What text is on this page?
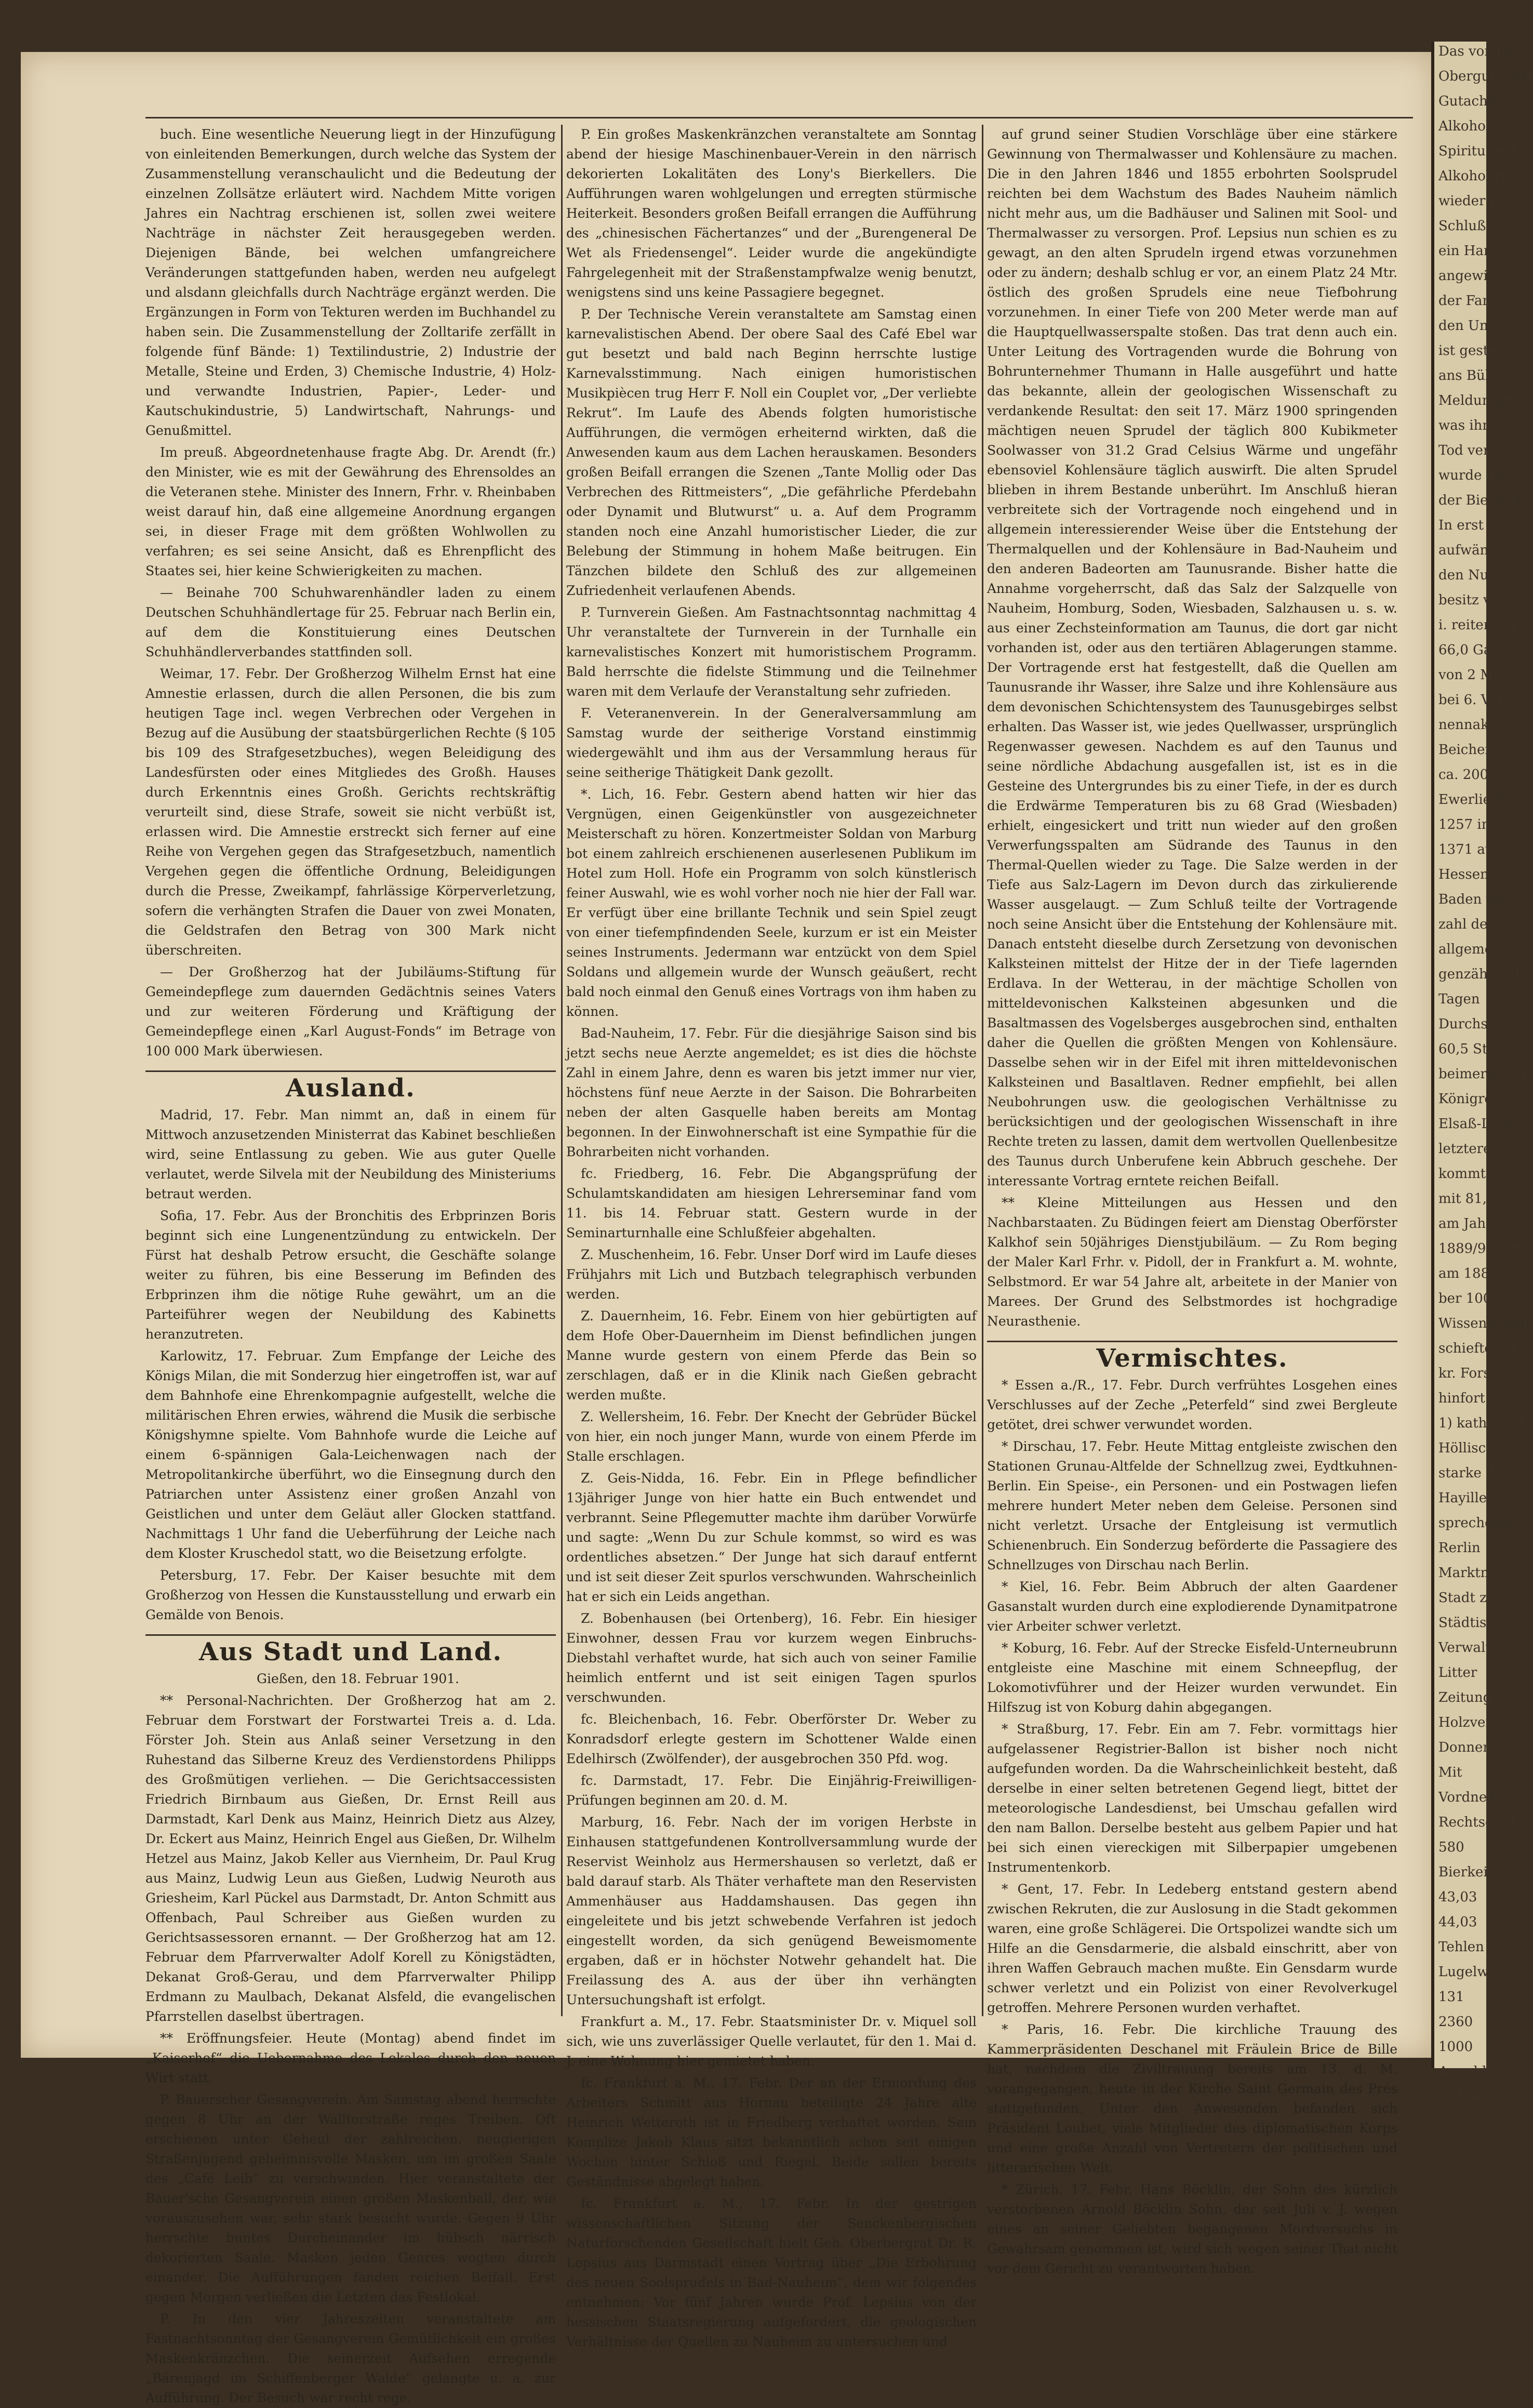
buch. Eine wesentliche Neuerung liegt in der Hinzufügung von einleitenden Bemerkungen, durch welche das System der Zusammenstellung veranschaulicht und die Bedeutung der einzelnen Zollsätze erläutert wird. Nachdem Mitte vorigen Jahres ein Nachtrag erschienen ist, sollen zwei weitere Nachträge in nächster Zeit herausgegeben werden. Diejenigen Bände, bei welchen umfangreichere Veränderungen stattgefunden haben, werden neu aufgelegt und alsdann gleichfalls durch Nachträge ergänzt werden. Die Ergänzungen in Form von Tekturen werden im Buchhandel zu haben sein. Die Zusammenstellung der Zolltarife zerfällt in folgende fünf Bände: 1) Textilindustrie, 2) Industrie der Metalle, Steine und Erden, 3) Chemische Industrie, 4) Holz- und verwandte Industrien, Papier-, Leder- und Kautschukindustrie, 5) Landwirtschaft, Nahrungs- und Genußmittel.

Im preuß. Abgeordnetenhause fragte Abg. Dr. Arendt (fr.) den Minister, wie es mit der Gewährung des Ehrensoldes an die Veteranen stehe. Minister des Innern, Frhr. v. Rheinbaben weist darauf hin, daß eine allgemeine Anordnung ergangen sei, in dieser Frage mit dem größten Wohlwollen zu verfahren; es sei seine Ansicht, daß es Ehrenpflicht des Staates sei, hier keine Schwierigkeiten zu machen.

— Beinahe 700 Schuhwarenhändler laden zu einem Deutschen Schuhhändlertage für 25. Februar nach Berlin ein, auf dem die Konstituierung eines Deutschen Schuhhändlerverbandes stattfinden soll.

Weimar, 17. Febr. Der Großherzog Wilhelm Ernst hat eine Amnestie erlassen, durch die allen Personen, die bis zum heutigen Tage incl. wegen Verbrechen oder Vergehen in Bezug auf die Ausübung der staatsbürgerlichen Rechte (§ 105 bis 109 des Strafgesetzbuches), wegen Beleidigung des Landesfürsten oder eines Mitgliedes des Großh. Hauses durch Erkenntnis eines Großh. Gerichts rechtskräftig verurteilt sind, diese Strafe, soweit sie nicht verbüßt ist, erlassen wird. Die Amnestie erstreckt sich ferner auf eine Reihe von Vergehen gegen das Strafgesetzbuch, namentlich Vergehen gegen die öffentliche Ordnung, Beleidigungen durch die Presse, Zweikampf, fahrlässige Körperverletzung, sofern die verhängten Strafen die Dauer von zwei Monaten, die Geldstrafen den Betrag von 300 Mark nicht überschreiten.

— Der Großherzog hat der Jubiläums-Stiftung für Gemeindepflege zum dauernden Gedächtnis seines Vaters und zur weiteren Förderung und Kräftigung der Gemeindepflege einen „Karl August-Fonds“ im Betrage von 100 000 Mark überwiesen.

Ausland.

Madrid, 17. Febr. Man nimmt an, daß in einem für Mittwoch anzusetzenden Ministerrat das Kabinet beschließen wird, seine Entlassung zu geben. Wie aus guter Quelle verlautet, werde Silvela mit der Neubildung des Ministeriums betraut werden.

Sofia, 17. Febr. Aus der Bronchitis des Erbprinzen Boris beginnt sich eine Lungenentzündung zu entwickeln. Der Fürst hat deshalb Petrow ersucht, die Geschäfte solange weiter zu führen, bis eine Besserung im Befinden des Erbprinzen ihm die nötige Ruhe gewährt, um an die Parteiführer wegen der Neubildung des Kabinetts heranzutreten.

Karlowitz, 17. Februar. Zum Empfange der Leiche des Königs Milan, die mit Sonderzug hier eingetroffen ist, war auf dem Bahnhofe eine Ehrenkompagnie aufgestellt, welche die militärischen Ehren erwies, während die Musik die serbische Königshymne spielte. Vom Bahnhofe wurde die Leiche auf einem 6-spännigen Gala-Leichenwagen nach der Metropolitankirche überführt, wo die Einsegnung durch den Patriarchen unter Assistenz einer großen Anzahl von Geistlichen und unter dem Geläut aller Glocken stattfand. Nachmittags 1 Uhr fand die Ueberführung der Leiche nach dem Kloster Kruschedol statt, wo die Beisetzung erfolgte.

Petersburg, 17. Febr. Der Kaiser besuchte mit dem Großherzog von Hessen die Kunstausstellung und erwarb ein Gemälde von Benois.

Aus Stadt und Land.

Gießen, den 18. Februar 1901.

** Personal-Nachrichten. Der Großherzog hat am 2. Februar dem Forstwart der Forstwartei Treis a. d. Lda. Förster Joh. Stein aus Anlaß seiner Versetzung in den Ruhestand das Silberne Kreuz des Verdienstordens Philipps des Großmütigen verliehen. — Die Gerichtsaccessisten Friedrich Birnbaum aus Gießen, Dr. Ernst Reill aus Darmstadt, Karl Denk aus Mainz, Heinrich Dietz aus Alzey, Dr. Eckert aus Mainz, Heinrich Engel aus Gießen, Dr. Wilhelm Hetzel aus Mainz, Jakob Keller aus Viernheim, Dr. Paul Krug aus Mainz, Ludwig Leun aus Gießen, Ludwig Neuroth aus Griesheim, Karl Pückel aus Darmstadt, Dr. Anton Schmitt aus Offenbach, Paul Schreiber aus Gießen wurden zu Gerichtsassessoren ernannt. — Der Großherzog hat am 12. Februar dem Pfarrverwalter Adolf Korell zu Königstädten, Dekanat Groß-Gerau, und dem Pfarrverwalter Philipp Erdmann zu Maulbach, Dekanat Alsfeld, die evangelischen Pfarrstellen daselbst übertragen.

** Eröffnungsfeier. Heute (Montag) abend findet im „Kaiserhof“ die Uebernahme des Lokales durch den neuen Wirt statt.

P. Bauerscher Gesangverein. Am Samstag abend herrschte gegen 8 Uhr an der Walltorstraße reges Treiben. Oft erschienen unter Geheul der zahlreichen, neugierigen Straßenjugend geheimnisvolle Masken, um im großen Saale des „Café Leib“ zu verschwinden. Hier veranstaltete der Bauer'sche Gesangverein einen großen Maskenball, der, wie vorauszusehen war, sehr stark besucht wurde. Gegen 9 Uhr herrschte buntes Durcheinander im hübsch närrisch dekorierten Saale. Masken jeden Genres wogten durch einander. Die Aufführungen fanden reichen Beifall. Erst gegen Morgen verließen die Letzten das Festlokal.

P. In den vier Jahreszeiten veranstaltete am Fastnachtsonntag der Gesangverein Gemütlichkeit ein großes Maskenkränzchen. Die seinerzeit Aufsehen erregende „Bärenjagd im Schiffenberger Walde“ gelangte u. a. zur Aufführung. Der Besuch war recht rege.

P. Ein großes Maskenkränzchen veranstaltete am Sonntag abend der hiesige Maschinenbauer-Verein in den närrisch dekorierten Lokalitäten des Lony's Bierkellers. Die Aufführungen waren wohlgelungen und erregten stürmische Heiterkeit. Besonders großen Beifall errangen die Aufführung des „chinesischen Fächertanzes“ und der „Burengeneral De Wet als Friedensengel“. Leider wurde die angekündigte Fahrgelegenheit mit der Straßenstampfwalze wenig benutzt, wenigstens sind uns keine Passagiere begegnet.

P. Der Technische Verein veranstaltete am Samstag einen karnevalistischen Abend. Der obere Saal des Café Ebel war gut besetzt und bald nach Beginn herrschte lustige Karnevalsstimmung. Nach einigen humoristischen Musikpiècen trug Herr F. Noll ein Couplet vor, „Der verliebte Rekrut“. Im Laufe des Abends folgten humoristische Aufführungen, die vermögen erheiternd wirkten, daß die Anwesenden kaum aus dem Lachen herauskamen. Besonders großen Beifall errangen die Szenen „Tante Mollig oder Das Verbrechen des Rittmeisters“, „Die gefährliche Pferdebahn oder Dynamit und Blutwurst“ u. a. Auf dem Programm standen noch eine Anzahl humoristischer Lieder, die zur Belebung der Stimmung in hohem Maße beitrugen. Ein Tänzchen bildete den Schluß des zur allgemeinen Zufriedenheit verlaufenen Abends.

P. Turnverein Gießen. Am Fastnachtsonntag nachmittag 4 Uhr veranstaltete der Turnverein in der Turnhalle ein karnevalistisches Konzert mit humoristischem Programm. Bald herrschte die fidelste Stimmung und die Teilnehmer waren mit dem Verlaufe der Veranstaltung sehr zufrieden.

F. Veteranenverein. In der Generalversammlung am Samstag wurde der seitherige Vorstand einstimmig wiedergewählt und ihm aus der Versammlung heraus für seine seitherige Thätigkeit Dank gezollt.

*. Lich, 16. Febr. Gestern abend hatten wir hier das Vergnügen, einen Geigenkünstler von ausgezeichneter Meisterschaft zu hören. Konzertmeister Soldan von Marburg bot einem zahlreich erschienenen auserlesenen Publikum im Hotel zum Holl. Hofe ein Programm von solch künstlerisch feiner Auswahl, wie es wohl vorher noch nie hier der Fall war. Er verfügt über eine brillante Technik und sein Spiel zeugt von einer tiefempfindenden Seele, kurzum er ist ein Meister seines Instruments. Jedermann war entzückt von dem Spiel Soldans und allgemein wurde der Wunsch geäußert, recht bald noch einmal den Genuß eines Vortrags von ihm haben zu können.

Bad-Nauheim, 17. Febr. Für die diesjährige Saison sind bis jetzt sechs neue Aerzte angemeldet; es ist dies die höchste Zahl in einem Jahre, denn es waren bis jetzt immer nur vier, höchstens fünf neue Aerzte in der Saison. Die Bohrarbeiten neben der alten Gasquelle haben bereits am Montag begonnen. In der Einwohnerschaft ist eine Sympathie für die Bohrarbeiten nicht vorhanden.

fc. Friedberg, 16. Febr. Die Abgangsprüfung der Schulamtskandidaten am hiesigen Lehrerseminar fand vom 11. bis 14. Februar statt. Gestern wurde in der Seminarturnhalle eine Schlußfeier abgehalten.

Z. Muschenheim, 16. Febr. Unser Dorf wird im Laufe dieses Frühjahrs mit Lich und Butzbach telegraphisch verbunden werden.

Z. Dauernheim, 16. Febr. Einem von hier gebürtigten auf dem Hofe Ober-Dauernheim im Dienst befindlichen jungen Manne wurde gestern von einem Pferde das Bein so zerschlagen, daß er in die Klinik nach Gießen gebracht werden mußte.

Z. Wellersheim, 16. Febr. Der Knecht der Gebrüder Bückel von hier, ein noch junger Mann, wurde von einem Pferde im Stalle erschlagen.

Z. Geis-Nidda, 16. Febr. Ein in Pflege befindlicher 13jähriger Junge von hier hatte ein Buch entwendet und verbrannt. Seine Pflegemutter machte ihm darüber Vorwürfe und sagte: „Wenn Du zur Schule kommst, so wird es was ordentliches absetzen.“ Der Junge hat sich darauf entfernt und ist seit dieser Zeit spurlos verschwunden. Wahrscheinlich hat er sich ein Leids angethan.

Z. Bobenhausen (bei Ortenberg), 16. Febr. Ein hiesiger Einwohner, dessen Frau vor kurzem wegen Einbruchs-Diebstahl verhaftet wurde, hat sich auch von seiner Familie heimlich entfernt und ist seit einigen Tagen spurlos verschwunden.

fc. Bleichenbach, 16. Febr. Oberförster Dr. Weber zu Konradsdorf erlegte gestern im Schottener Walde einen Edelhirsch (Zwölfender), der ausgebrochen 350 Pfd. wog.

fc. Darmstadt, 17. Febr. Die Einjährig-Freiwilligen-Prüfungen beginnen am 20. d. M.

Marburg, 16. Febr. Nach der im vorigen Herbste in Einhausen stattgefundenen Kontrollversammlung wurde der Reservist Weinholz aus Hermershausen so verletzt, daß er bald darauf starb. Als Thäter verhaftete man den Reservisten Ammenhäuser aus Haddamshausen. Das gegen ihn eingeleitete und bis jetzt schwebende Verfahren ist jedoch eingestellt worden, da sich genügend Beweismomente ergaben, daß er in höchster Notwehr gehandelt hat. Die Freilassung des A. aus der über ihn verhängten Untersuchungshaft ist erfolgt.

Frankfurt a. M., 17. Febr. Staatsminister Dr. v. Miquel soll sich, wie uns zuverlässiger Quelle verlautet, für den 1. Mai d. J. eine Wohnung hier gemietet haben.

fc. Frankfurt a. M., 17. Febr. Der an der Ermordung des Arbeiters Schmitt aus Hornau beteiligte 24 Jahre alte Heinrich Wetteroth ist in Friedberg verhaftet worden. Sein Komplize Jakob Klaus sitzt bekanntlich schon seit einigen Wochen hinter Schloß und Riegel. Beide sollen bereits Geständnisse abgelegt haben.

fc. Frankfurt a. M., 17. Febr. In der gestrigen wissenschaftlichen Sitzung der Senckenbergischen Naturforschenden Gesellschaft hielt Geh. Oberbergrat Dr. R. Lepsius aus Darmstadt einen Vortrag über „Die Erbohrung des neuen Soolsprudels in Bad-Nauheim“, dem wir folgendes entnehmen: Vor fünf Jahren wurde Prof. Lepsius von der hessischen Staatsregierung aufgefordert, die geologischen Verhältnisse der Quellen zu Nauheim zu untersuchen und

auf grund seiner Studien Vorschläge über eine stärkere Gewinnung von Thermalwasser und Kohlensäure zu machen. Die in den Jahren 1846 und 1855 erbohrten Soolsprudel reichten bei dem Wachstum des Bades Nauheim nämlich nicht mehr aus, um die Badhäuser und Salinen mit Sool- und Thermalwasser zu versorgen. Prof. Lepsius nun schien es zu gewagt, an den alten Sprudeln irgend etwas vorzunehmen oder zu ändern; deshalb schlug er vor, an einem Platz 24 Mtr. östlich des großen Sprudels eine neue Tiefbohrung vorzunehmen. In einer Tiefe von 200 Meter werde man auf die Hauptquellwasserspalte stoßen. Das trat denn auch ein. Unter Leitung des Vortragenden wurde die Bohrung von Bohrunternehmer Thumann in Halle ausgeführt und hatte das bekannte, allein der geologischen Wissenschaft zu verdankende Resultat: den seit 17. März 1900 springenden mächtigen neuen Sprudel der täglich 800 Kubikmeter Soolwasser von 31.2 Grad Celsius Wärme und ungefähr ebensoviel Kohlensäure täglich auswirft. Die alten Sprudel blieben in ihrem Bestande unberührt. Im Anschluß hieran verbreitete sich der Vortragende noch eingehend und in allgemein interessierender Weise über die Entstehung der Thermalquellen und der Kohlensäure in Bad-Nauheim und den anderen Badeorten am Taunusrande. Bisher hatte die Annahme vorgeherrscht, daß das Salz der Salzquelle von Nauheim, Homburg, Soden, Wiesbaden, Salzhausen u. s. w. aus einer Zechsteinformation am Taunus, die dort gar nicht vorhanden ist, oder aus den tertiären Ablagerungen stamme. Der Vortragende erst hat festgestellt, daß die Quellen am Taunusrande ihr Wasser, ihre Salze und ihre Kohlensäure aus dem devonischen Schichtensystem des Taunusgebirges selbst erhalten. Das Wasser ist, wie jedes Quellwasser, ursprünglich Regenwasser gewesen. Nachdem es auf den Taunus und seine nördliche Abdachung ausgefallen ist, ist es in die Gesteine des Untergrundes bis zu einer Tiefe, in der es durch die Erdwärme Temperaturen bis zu 68 Grad (Wiesbaden) erhielt, eingesickert und tritt nun wieder auf den großen Verwerfungsspalten am Südrande des Taunus in den Thermal-Quellen wieder zu Tage. Die Salze werden in der Tiefe aus Salz-Lagern im Devon durch das zirkulierende Wasser ausgelaugt. — Zum Schluß teilte der Vortragende noch seine Ansicht über die Entstehung der Kohlensäure mit. Danach entsteht dieselbe durch Zersetzung von devonischen Kalksteinen mittelst der Hitze der in der Tiefe lagernden Erdlava. In der Wetterau, in der mächtige Schollen von mitteldevonischen Kalksteinen abgesunken und die Basaltmassen des Vogelsberges ausgebrochen sind, enthalten daher die Quellen die größten Mengen von Kohlensäure. Dasselbe sehen wir in der Eifel mit ihren mitteldevonischen Kalksteinen und Basaltlaven. Redner empfiehlt, bei allen Neubohrungen usw. die geologischen Verhältnisse zu berücksichtigen und der geologischen Wissenschaft in ihre Rechte treten zu lassen, damit dem wertvollen Quellenbesitze des Taunus durch Unberufene kein Abbruch geschehe. Der interessante Vortrag erntete reichen Beifall.

** Kleine Mitteilungen aus Hessen und den Nachbarstaaten. Zu Büdingen feiert am Dienstag Oberförster Kalkhof sein 50jähriges Dienstjubiläum. — Zu Rom beging der Maler Karl Frhr. v. Pidoll, der in Frankfurt a. M. wohnte, Selbstmord. Er war 54 Jahre alt, arbeitete in der Manier von Marees. Der Grund des Selbstmordes ist hochgradige Neurasthenie.

Vermischtes.

* Essen a./R., 17. Febr. Durch verfrühtes Losgehen eines Verschlusses auf der Zeche „Peterfeld“ sind zwei Bergleute getötet, drei schwer verwundet worden.

* Dirschau, 17. Febr. Heute Mittag entgleiste zwischen den Stationen Grunau-Altfelde der Schnellzug zwei, Eydtkuhnen-Berlin. Ein Speise-, ein Personen- und ein Postwagen liefen mehrere hundert Meter neben dem Geleise. Personen sind nicht verletzt. Ursache der Entgleisung ist vermutlich Schienenbruch. Ein Sonderzug beförderte die Passagiere des Schnellzuges von Dirschau nach Berlin.

* Kiel, 16. Febr. Beim Abbruch der alten Gaardener Gasanstalt wurden durch eine explodierende Dynamitpatrone vier Arbeiter schwer verletzt.

* Koburg, 16. Febr. Auf der Strecke Eisfeld-Unterneubrunn entgleiste eine Maschine mit einem Schneepflug, der Lokomotivführer und der Heizer wurden verwundet. Ein Hilfszug ist von Koburg dahin abgegangen.

* Straßburg, 17. Febr. Ein am 7. Febr. vormittags hier aufgelassener Registrier-Ballon ist bisher noch nicht aufgefunden worden. Da die Wahrscheinlichkeit besteht, daß derselbe in einer selten betretenen Gegend liegt, bittet der meteorologische Landesdienst, bei Umschau gefallen wird den nam Ballon. Derselbe besteht aus gelbem Papier und hat bei sich einen viereckigen mit Silberpapier umgebenen Instrumentenkorb.

* Gent, 17. Febr. In Ledeberg entstand gestern abend zwischen Rekruten, die zur Auslosung in die Stadt gekommen waren, eine große Schlägerei. Die Ortspolizei wandte sich um Hilfe an die Gensdarmerie, die alsbald einschritt, aber von ihren Waffen Gebrauch machen mußte. Ein Gensdarm wurde schwer verletzt und ein Polizist von einer Revolverkugel getroffen. Mehrere Personen wurden verhaftet.

* Paris, 16. Febr. Die kirchliche Trauung des Kammerpräsidenten Deschanel mit Fräulein Brice de Bille hat, nachdem die Ziviltrauung bereits am 13. d. M. vorangegangen, heute in der Kirche Saint Germain des Prés stattgefunden. Unter den Anwesenden befanden sich Präsident Loubet, viele Mitglieder des diplomatischen Korps und eine große Anzahl von Vertretern der politischen und litterarischen Welt.

* Zürich, 17. Febr. Hans Böcklin, der Sohn des kürzlich verstorbenen Arnold Böcklin Sohn, der seit Juli v. J. wegen eines an seiner Geliebten begangenen Mordversuchs in Gewahrsam genommen ist, wird sich wegen seiner That nicht vor dem Gericht zu verantworten haben.

Das von de

Obergutachte

Gutachten w

Alkoholis

Spiritus ert

Alkoholfrei

wieder in

Schluß:

ein Hans G

angewiesen

der Familie

den Unglück

ist gestern

ans Bühl

Meldungen

was ihm

Tod verlor

wurde die

der Biederk

In erst

aufwänzig

den Nuion-S

besitz von

i. reiten. Et

66,0 Gatist

von 2 Meter

bei 6. Vor

nennaktienal

Beichen

ca. 2000

Ewerlie Bo

1257 in

1371 au

Hessen,

Baden ver

zahl der

allgemeinen

genzährend

Tagen

Durchsicht

60,5 Studie

beimerfeldig

Königreich

Elsaß-Loth

letztere

kommt da

mit 81,2

am Jahre

1889/91 ent

am 1888

ber 1000

Wissenschaft

schiefte, 31

kr. Forstw

hinfort u.

1) katholisch

Höllischer

starke Zuna

Hayiller

sprechenden

Rerlin

Marktm

Stadt zur

Städtisch

Verwaltung

Litter

Zeitung

Holzver

Donner

Mit

Vordnete

Rechtschul

580

Bierkei

43,03

44,03

Tehlen

Lugelwr

131

2360

1000

Angehl

A. Nabel

Bute
